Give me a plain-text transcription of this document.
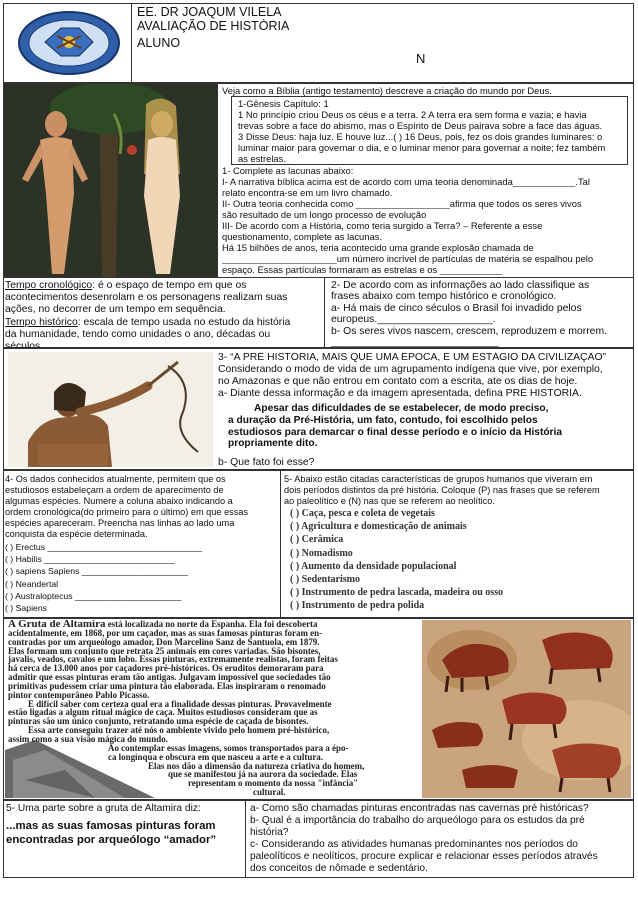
EE. DR JOAQUM VILELA
AVALIAÇÃO DE HISTÓRIA
ALUNO
N
Veja como a Bíblia (antigo testamento) descreve a criação do mundo por Deus.
1-Gênesis Capítulo: 1
1 No princípio criou Deus os céus e a terra. 2 A terra era sem forma e vazia; e havia
trevas sobre a face do abismo, mas o Espírito de Deus pairava sobre a face das águas.
3 Disse Deus: haja luz. E houve luz...( ) 16 Deus, pois, fez os dois grandes luminares: o
luminar maior para governar o dia, e o luminar menor para governar a noite; fez também
as estrelas.
1- Complete as lacunas abaixo:
I- A narrativa bíblica acima est de acordo com uma teoria denominada____________.Tal
relato encontra-se em um livro chamado.
II- Outra teoria conhecida como __________________afirma que todos os seres vivos
são resultado de um longo processo de evolução
III- De acordo com a História, como teria surgido a Terra? – Referente a esse
questionamento, complete as lacunas.
Há 15 bilhões de anos, teria acontecido uma grande explosão chamada de
______________________um número incrível de partículas de matéria se espalhou pelo
espaço. Essas partículas formaram as estrelas e os ____________
Tempo cronológico: é o espaço de tempo em que os
acontecimentos desenrolam e os personagens realizam suas
ações, no decorrer de um tempo em sequência.
Tempo histórico: escala de tempo usada no estudo da história
da humanidade, tendo como unidades o ano, décadas ou
séculos.
2- De acordo com as informações ao lado classifique as
frases abaixo com tempo histórico e cronológico.
a- Há mais de cinco séculos o Brasil foi invadido pelos
europeus.____________________.
b- Os seres vivos nascem, crescem, reproduzem e morrem.
_____________________________
3- “A PRÉ HISTÓRIA, MAIS QUE UMA ÉPOCA, É UM ESTÁGIO DA CIVILIZAÇÃO”
Considerando o modo de vida de um agrupamento indígena que vive, por exemplo,
no Amazonas e que não entrou em contato com a escrita, ate os dias de hoje.
a- Diante dessa informação e da imagem apresentada, defina PRÉ HISTÓRIA.
Apesar das dificuldades de se estabelecer, de modo preciso,
a duração da Pré-História, um fato, contudo, foi escolhido pelos
estudiosos para demarcar o final desse período e o início da História
propriamente dito.
b- Que fato foi esse?
4- Os dados conhecidos atualmente, permitem que os
estudiosos estabeleçam a ordem de aparecimento de
algumas espécies. Numere a coluna abaixo indicando a
ordem cronológica(do primeiro para o último) em que essas
espécies apareceram. Preencha nas linhas ao lado uma
conquista da espécie determinada.
( ) Erectus ________________________________
( ) Habilis ___________________________
( ) sapiens Sapiens ______________________
( ) Neandertal
( ) Australoptecus ______________________
( ) Sapiens
5- Abaixo estão citadas características de grupos humanos que viveram em
dois períodos distintos da pré história. Coloque (P) nas frases que se referem
ao paleolítico e (N) nas que se referem ao neolítico.
( ) Caça, pesca e coleta de vegetais
( ) Agricultura e domesticação de animais
( ) Cerâmica
( ) Nomadismo
( ) Aumento da densidade populacional
( ) Sedentarismo
( ) Instrumento de pedra lascada, madeira ou osso
( ) Instrumento de pedra polida
A Gruta de Altamira está localizada no norte da Espanha. Ela foi descoberta
acidentalmente, em 1868, por um caçador, mas as suas famosas pinturas foram en-
contradas por um arqueólogo amador, Don Marcelino Sanz de Santuola, em 1879.
Elas formam um conjunto que retrata 25 animais em cores variadas. São bisontes,
javalis, veados, cavalos e um lobo. Essas pinturas, extremamente realistas, foram feitas
há cerca de 13.000 anos por caçadores pré-históricos. Os eruditos demoraram para
admitir que essas pinturas eram tão antigas. Julgavam impossível que sociedades tão
primitivas pudessem criar uma pintura tão elaborada. Elas inspiraram o renomado
pintor contemporâneo Pablo Picasso.
É difícil saber com certeza qual era a finalidade dessas pinturas. Provavelmente
estão ligadas a algum ritual mágico de caça. Muitos estudiosos consideram que as
pinturas são um único conjunto, retratando uma espécie de caçada de bisontes.
Essa arte conseguiu trazer até nós o ambiente vivido pelo homem pré-histórico,
assim como a sua visão mágica do mundo.
Ao contemplar essas imagens, somos transportados para a épo-
ca longínqua e obscura em que nasceu a arte e a cultura.
Elas nos dão a dimensão da natureza criativa do homem,
que se manifestou já na aurora da sociedade. Elas
representam o momento da nossa "infância"
cultural.
5- Uma parte sobre a gruta de Altamira diz:
...mas as suas famosas pinturas foram
encontradas por arqueólogo “amador”
a- Como são chamadas pinturas encontradas nas cavernas pré históricas?
b- Qual é a importância do trabalho do arqueólogo para os estudos da pré
história?
c- Considerando as atividades humanas predominantes nos períodos do
paleolíticos e neolíticos, procure explicar e relacionar esses períodos através
dos conceitos de nômade e sedentário.
